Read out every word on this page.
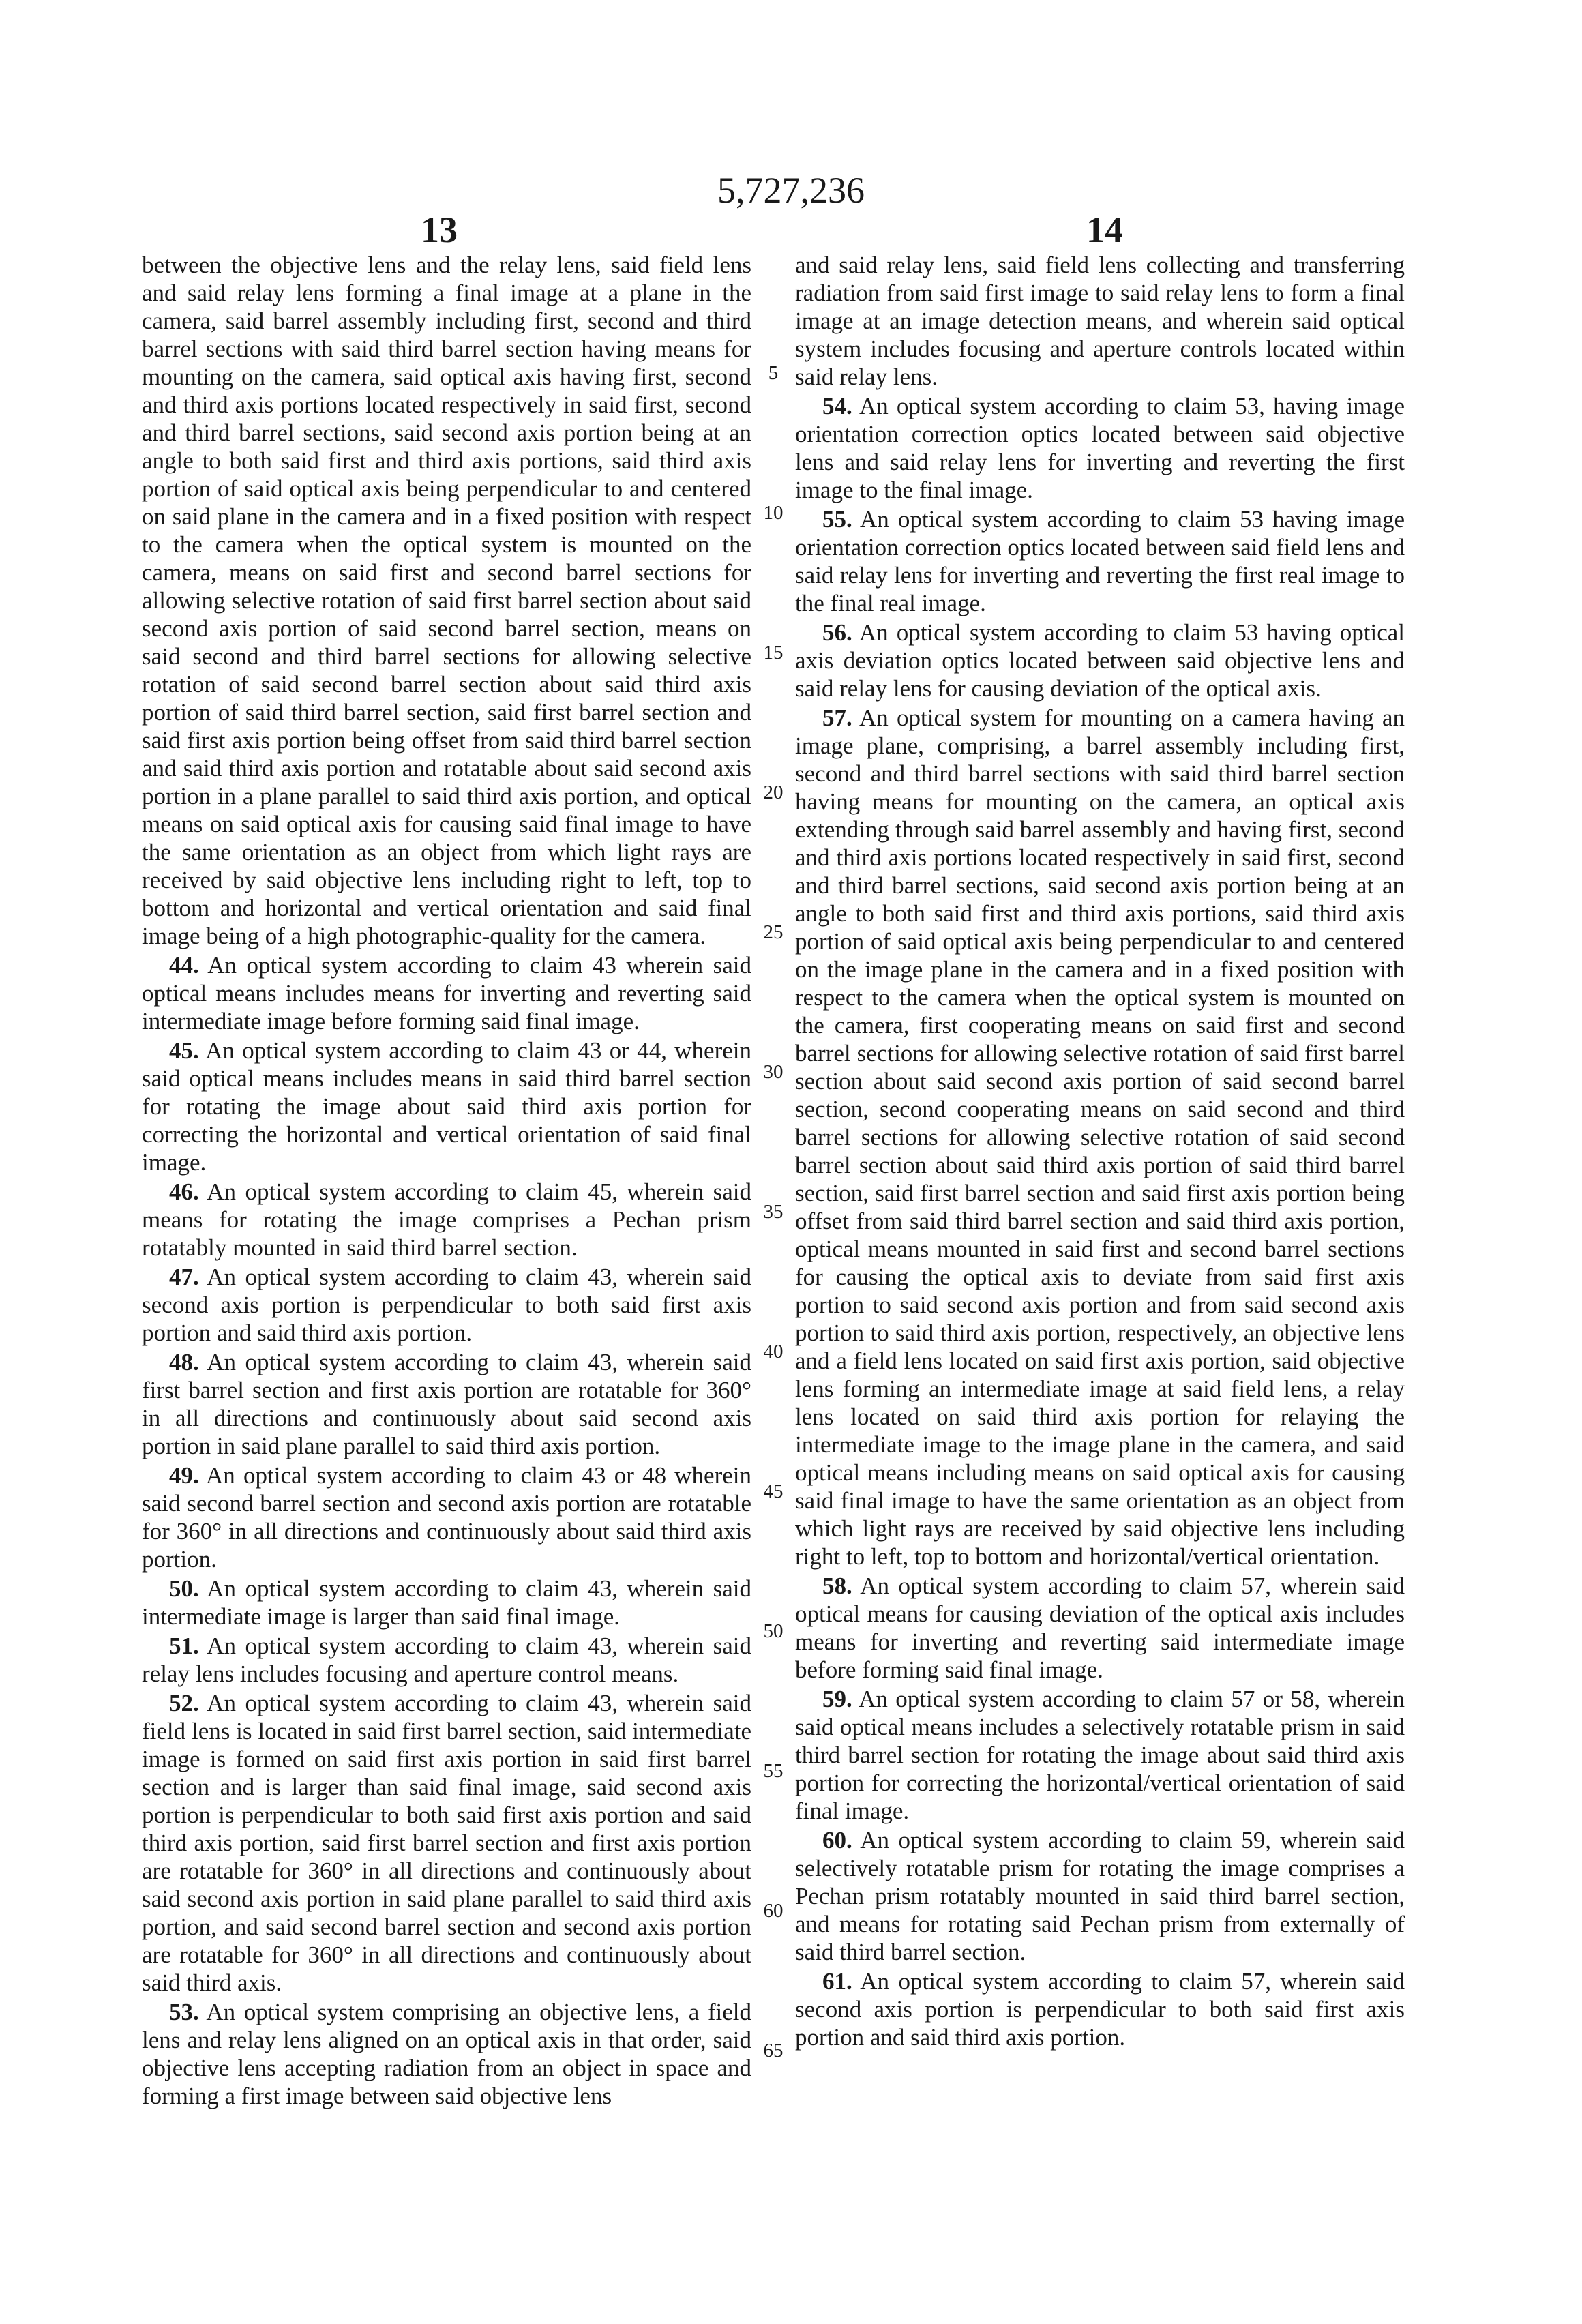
5,727,236
13	14

between the objective lens and the relay lens, said field lens and said relay lens forming a final image at a plane in the camera, said barrel assembly including first, second and third barrel sections with said third barrel section having means for mounting on the camera, said optical axis having first, second and third axis portions located respectively in said first, second and third barrel sections, said second axis portion being at an angle to both said first and third axis portions, said third axis portion of said optical axis being perpendicular to and centered on said plane in the camera and in a fixed position with respect to the camera when the optical system is mounted on the camera, means on said first and second barrel sections for allowing selective rotation of said first barrel section about said second axis portion of said second barrel section, means on said second and third barrel sections for allowing selective rotation of said second barrel section about said third axis portion of said third barrel section, said first barrel section and said first axis portion being offset from said third barrel section and said third axis portion and rotatable about said second axis portion in a plane parallel to said third axis portion, and optical means on said optical axis for causing said final image to have the same orientation as an object from which light rays are received by said objective lens including right to left, top to bottom and horizontal and vertical orientation and said final image being of a high photographic-quality for the camera.

44. An optical system according to claim 43 wherein said optical means includes means for inverting and reverting said intermediate image before forming said final image.

45. An optical system according to claim 43 or 44, wherein said optical means includes means in said third barrel section for rotating the image about said third axis portion for correcting the horizontal and vertical orientation of said final image.

46. An optical system according to claim 45, wherein said means for rotating the image comprises a Pechan prism rotatably mounted in said third barrel section.

47. An optical system according to claim 43, wherein said second axis portion is perpendicular to both said first axis portion and said third axis portion.

48. An optical system according to claim 43, wherein said first barrel section and first axis portion are rotatable for 360° in all directions and continuously about said second axis portion in said plane parallel to said third axis portion.

49. An optical system according to claim 43 or 48 wherein said second barrel section and second axis portion are rotatable for 360° in all directions and continuously about said third axis portion.

50. An optical system according to claim 43, wherein said intermediate image is larger than said final image.

51. An optical system according to claim 43, wherein said relay lens includes focusing and aperture control means.

52. An optical system according to claim 43, wherein said field lens is located in said first barrel section, said intermediate image is formed on said first axis portion in said first barrel section and is larger than said final image, said second axis portion is perpendicular to both said first axis portion and said third axis portion, said first barrel section and first axis portion are rotatable for 360° in all directions and continuously about said second axis portion in said plane parallel to said third axis portion, and said second barrel section and second axis portion are rotatable for 360° in all directions and continuously about said third axis.

53. An optical system comprising an objective lens, a field lens and relay lens aligned on an optical axis in that order, said objective lens accepting radiation from an object in space and forming a first image between said objective lens

and said relay lens, said field lens collecting and transferring radiation from said first image to said relay lens to form a final image at an image detection means, and wherein said optical system includes focusing and aperture controls located within said relay lens.

54. An optical system according to claim 53, having image orientation correction optics located between said objective lens and said relay lens for inverting and reverting the first image to the final image.

55. An optical system according to claim 53 having image orientation correction optics located between said field lens and said relay lens for inverting and reverting the first real image to the final real image.

56. An optical system according to claim 53 having optical axis deviation optics located between said objective lens and said relay lens for causing deviation of the optical axis.

57. An optical system for mounting on a camera having an image plane, comprising, a barrel assembly including first, second and third barrel sections with said third barrel section having means for mounting on the camera, an optical axis extending through said barrel assembly and having first, second and third axis portions located respectively in said first, second and third barrel sections, said second axis portion being at an angle to both said first and third axis portions, said third axis portion of said optical axis being perpendicular to and centered on the image plane in the camera and in a fixed position with respect to the camera when the optical system is mounted on the camera, first cooperating means on said first and second barrel sections for allowing selective rotation of said first barrel section about said second axis portion of said second barrel section, second cooperating means on said second and third barrel sections for allowing selective rotation of said second barrel section about said third axis portion of said third barrel section, said first barrel section and said first axis portion being offset from said third barrel section and said third axis portion, optical means mounted in said first and second barrel sections for causing the optical axis to deviate from said first axis portion to said second axis portion and from said second axis portion to said third axis portion, respectively, an objective lens and a field lens located on said first axis portion, said objective lens forming an intermediate image at said field lens, a relay lens located on said third axis portion for relaying the intermediate image to the image plane in the camera, and said optical means including means on said optical axis for causing said final image to have the same orientation as an object from which light rays are received by said objective lens including right to left, top to bottom and horizontal/vertical orientation.

58. An optical system according to claim 57, wherein said optical means for causing deviation of the optical axis includes means for inverting and reverting said intermediate image before forming said final image.

59. An optical system according to claim 57 or 58, wherein said optical means includes a selectively rotatable prism in said third barrel section for rotating the image about said third axis portion for correcting the horizontal/vertical orientation of said final image.

60. An optical system according to claim 59, wherein said selectively rotatable prism for rotating the image comprises a Pechan prism rotatably mounted in said third barrel section, and means for rotating said Pechan prism from externally of said third barrel section.

61. An optical system according to claim 57, wherein said second axis portion is perpendicular to both said first axis portion and said third axis portion.

5
10
15
20
25
30
35
40
45
50
55
60
65
